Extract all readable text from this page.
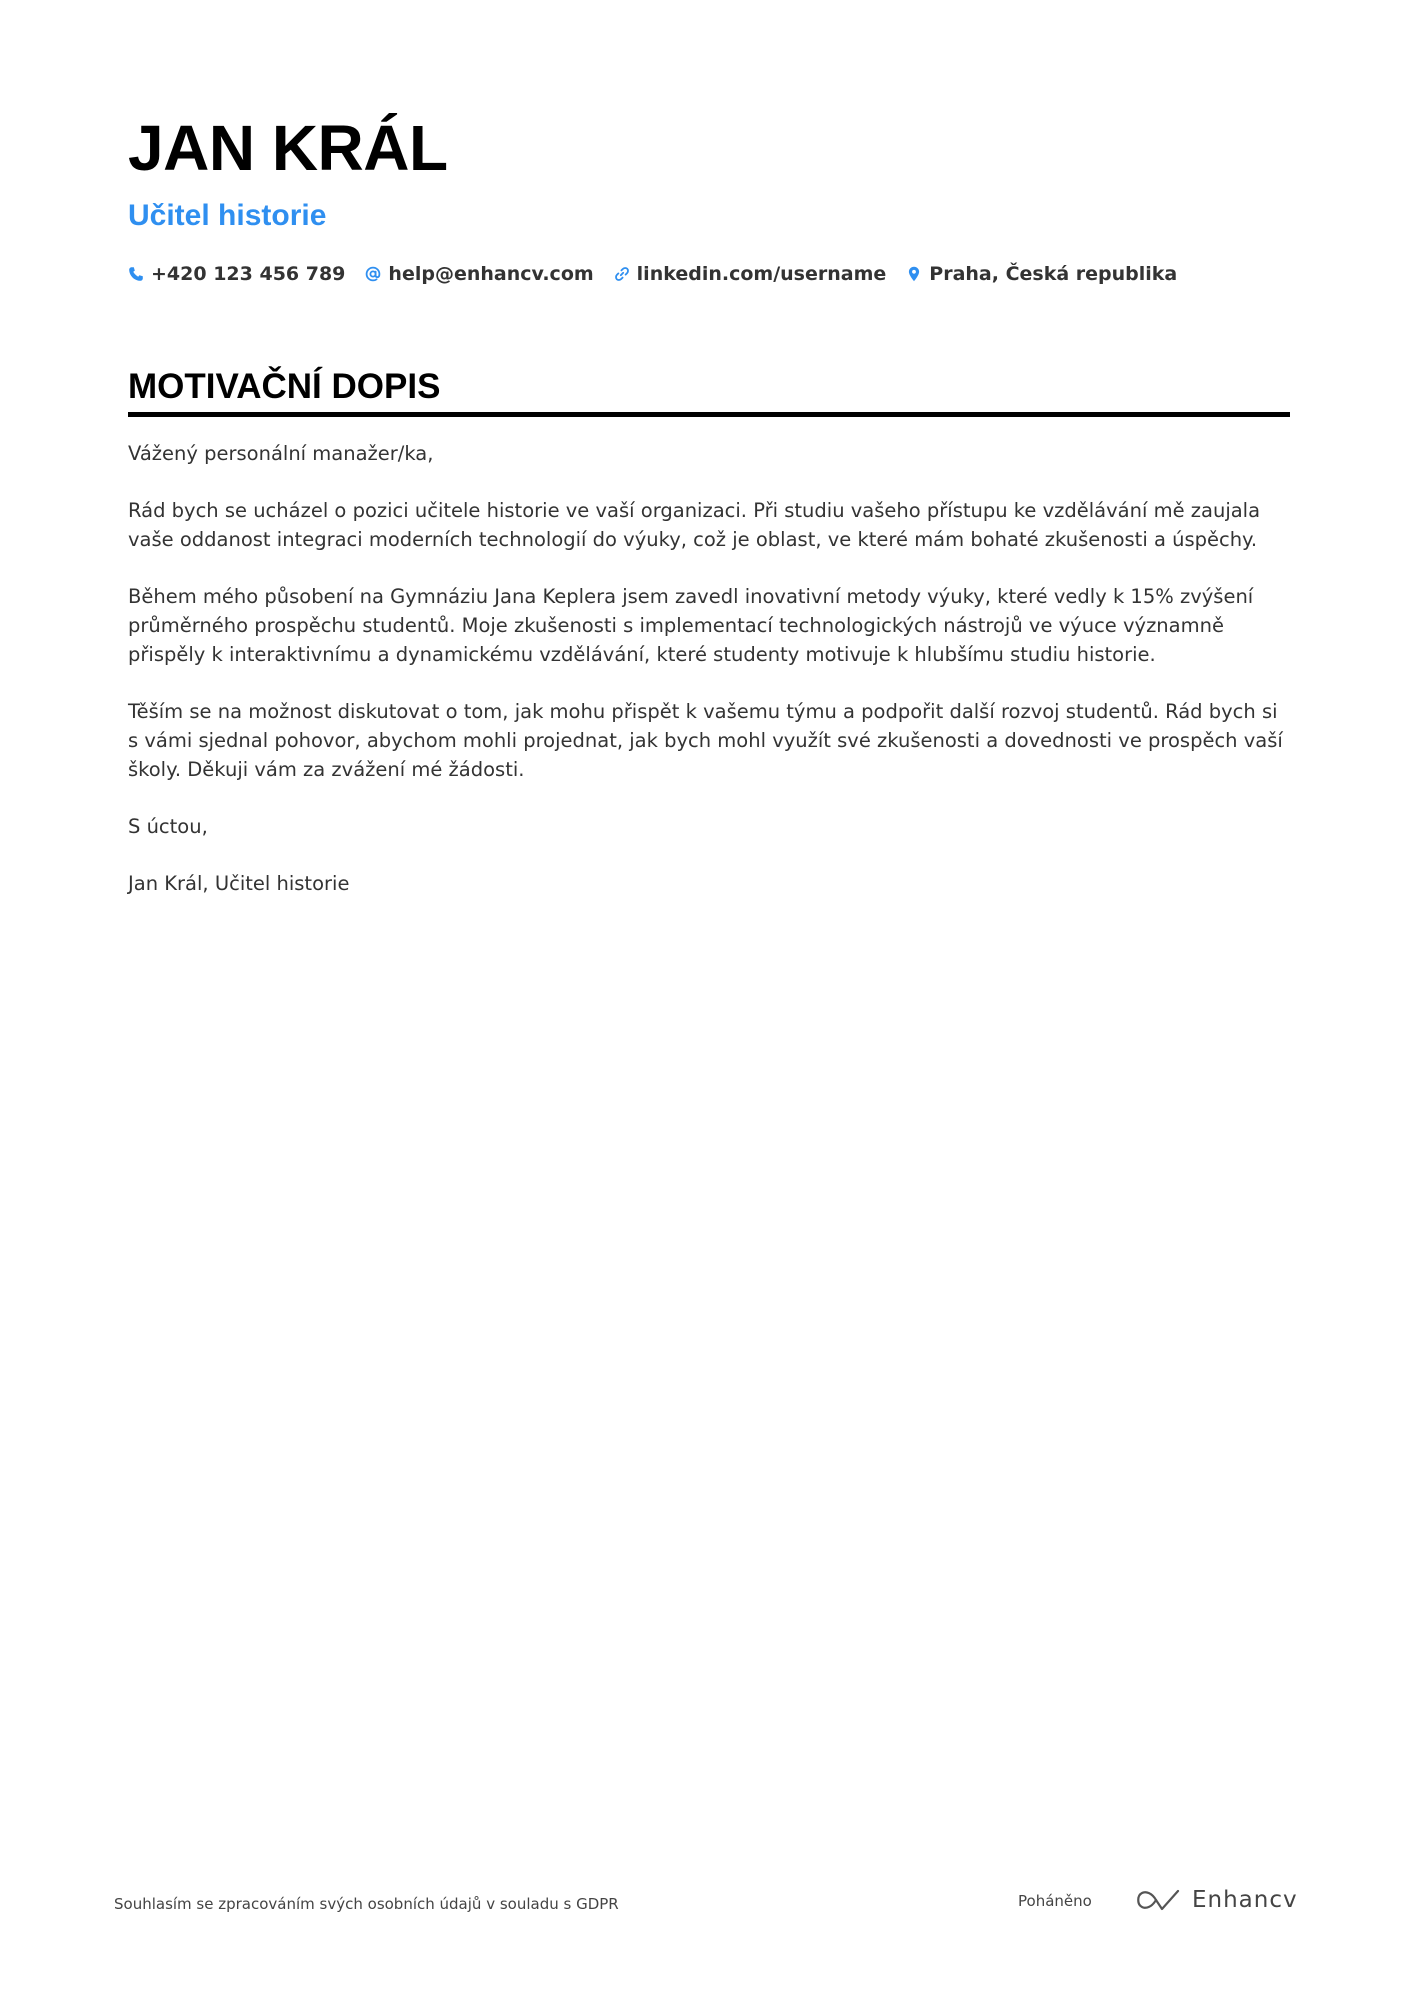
JAN KRÁL
Učitel historie
+420 123 456 789 help@enhancv.com linkedin.com/username Praha, Česká republika
MOTIVAČNÍ DOPIS

Vážený personální manažer/ka,

Rád bych se ucházel o pozici učitele historie ve vaší organizaci. Při studiu vašeho přístupu ke vzdělávání mě zaujala vaše oddanost integraci moderních technologií do výuky, což je oblast, ve které mám bohaté zkušenosti a úspěchy.

Během mého působení na Gymnáziu Jana Keplera jsem zavedl inovativní metody výuky, které vedly k 15% zvýšení průměrného prospěchu studentů. Moje zkušenosti s implementací technologických nástrojů ve výuce významně přispěly k interaktivnímu a dynamickému vzdělávání, které studenty motivuje k hlubšímu studiu historie.

Těším se na možnost diskutovat o tom, jak mohu přispět k vašemu týmu a podpořit další rozvoj studentů. Rád bych si s vámi sjednal pohovor, abychom mohli projednat, jak bych mohl využít své zkušenosti a dovednosti ve prospěch vaší školy. Děkuji vám za zvážení mé žádosti.

S úctou,

Jan Král, Učitel historie

Souhlasím se zpracováním svých osobních údajů v souladu s GDPR	Poháněno	Enhancv
